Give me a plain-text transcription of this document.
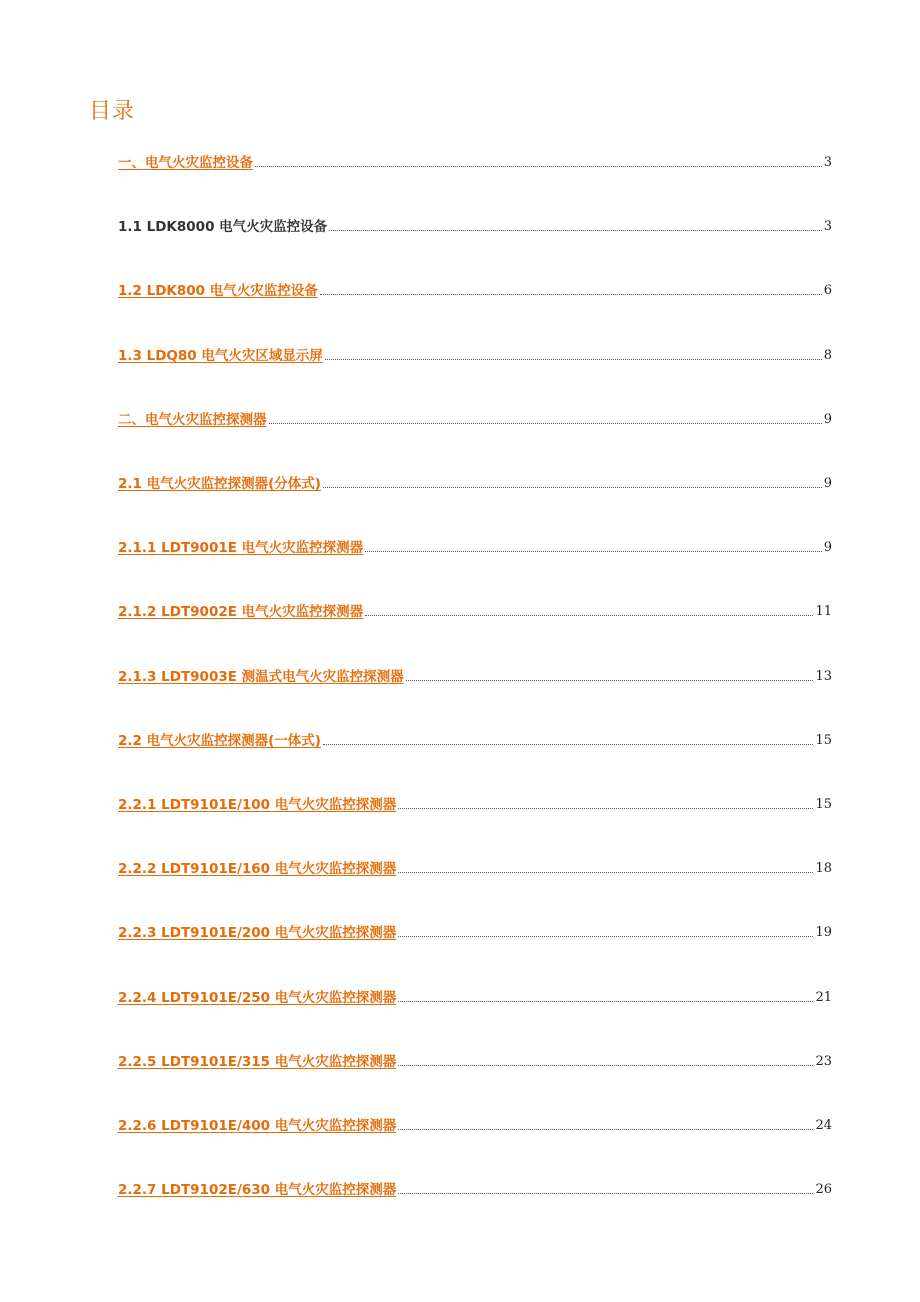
目录
一、电气火灾监控设备	3
1.1 LDK8000 电气火灾监控设备	3
1.2 LDK800 电气火灾监控设备	6
1.3 LDQ80 电气火灾区域显示屏	8
二、电气火灾监控探测器	9
2.1 电气火灾监控探测器(分体式)	9
2.1.1 LDT9001E 电气火灾监控探测器	9
2.1.2 LDT9002E 电气火灾监控探测器	11
2.1.3 LDT9003E 测温式电气火灾监控探测器	13
2.2 电气火灾监控探测器(一体式)	15
2.2.1 LDT9101E/100 电气火灾监控探测器	15
2.2.2 LDT9101E/160 电气火灾监控探测器	18
2.2.3 LDT9101E/200 电气火灾监控探测器	19
2.2.4 LDT9101E/250 电气火灾监控探测器	21
2.2.5 LDT9101E/315 电气火灾监控探测器	23
2.2.6 LDT9101E/400 电气火灾监控探测器	24
2.2.7 LDT9102E/630 电气火灾监控探测器	26
